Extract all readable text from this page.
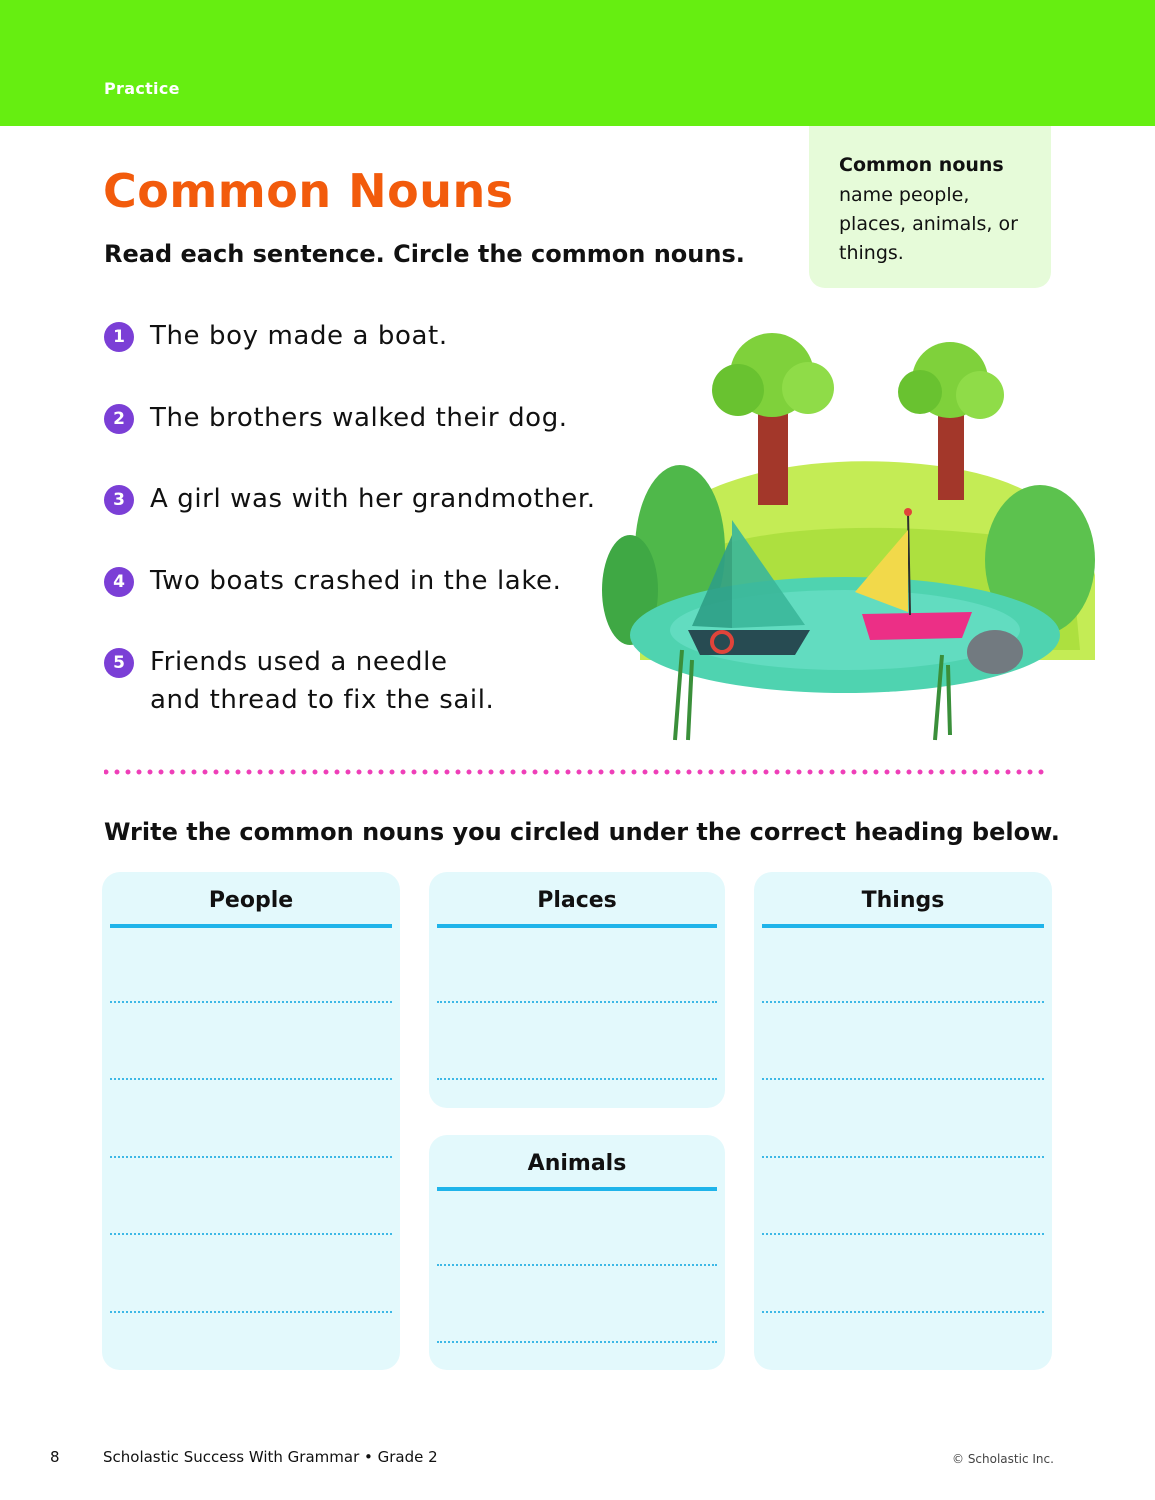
Practice
Common Nouns
Read each sentence. Circle the common nouns.
Common nouns
name people, places, animals, or things.
1 The boy made a boat.
2 The brothers walked their dog.
3 A girl was with her grandmother.
4 Two boats crashed in the lake.
5 Friends used a needle
and thread to fix the sail.
Write the common nouns you circled under the correct heading below.
People	Places
Animals
Things
8	Scholastic Success With Grammar • Grade 2	© Scholastic Inc.
